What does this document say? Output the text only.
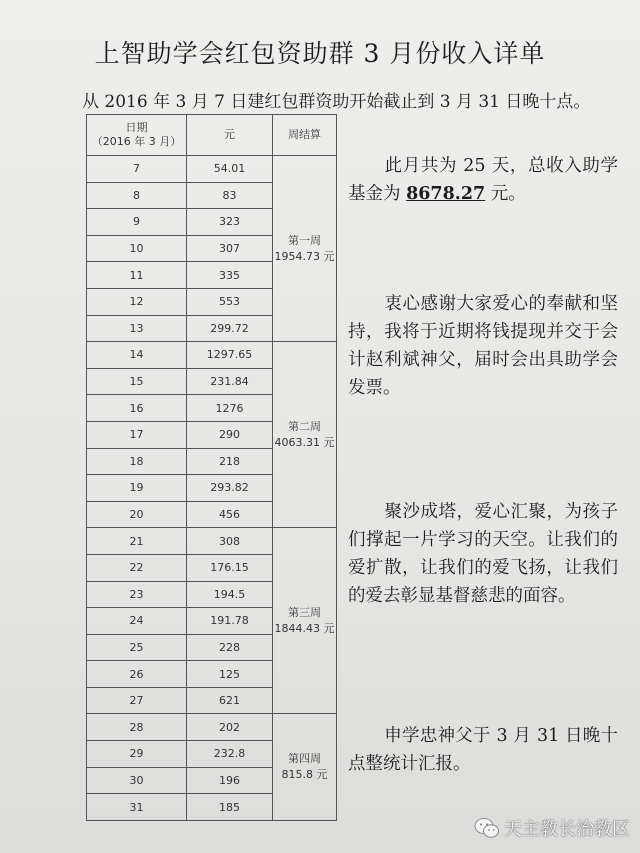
上智助学会红包资助群 3 月份收入详单
从 2016 年 3 月 7 日建红包群资助开始截止到 3 月 31 日晚十点。
日期
（2016 年 3 月）	元	周结算
7	54.01	第一周
1954.73 元
8	83	
9	323	
10	307	
11	335	
12	553	
13	299.72	
14	1297.65	第二周
4063.31 元
15	231.84	
16	1276	
17	290	
18	218	
19	293.82	
20	456	
21	308	第三周
1844.43 元
22	176.15	
23	194.5	
24	191.78	
25	228	
26	125	
27	621	
28	202	第四周
815.8 元
29	232.8	
30	196	
31	185	
此月共为 25 天，总收入助学基金为 8678.27 元。
衷心感谢大家爱心的奉献和坚持，我将于近期将钱提现并交于会计赵利斌神父，届时会出具助学会发票。
聚沙成塔，爱心汇聚，为孩子们撑起一片学习的天空。让我们的爱扩散，让我们的爱飞扬，让我们的爱去彰显基督慈悲的面容。
申学忠神父于 3 月 31 日晚十点整统计汇报。
天主教长治教区
